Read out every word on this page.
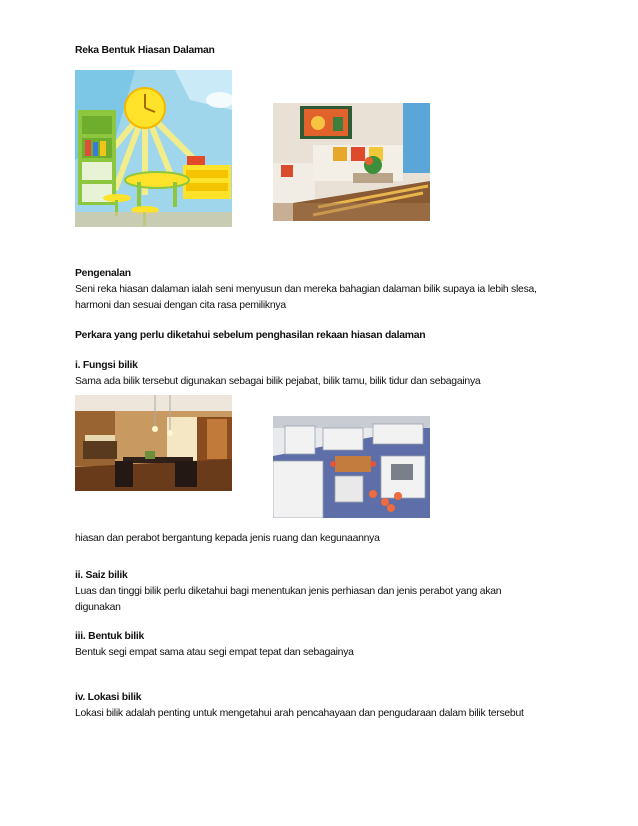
Reka Bentuk Hiasan Dalaman
Pengenalan
Seni reka hiasan dalaman ialah seni menyusun dan mereka bahagian dalaman bilik supaya ia lebih slesa,
harmoni dan sesuai dengan cita rasa pemiliknya
Perkara yang perlu diketahui sebelum penghasilan rekaan hiasan dalaman
i. Fungsi bilik
Sama ada bilik tersebut digunakan sebagai bilik pejabat, bilik tamu, bilik tidur dan sebagainya
hiasan dan perabot bergantung kepada jenis ruang dan kegunaannya
ii. Saiz bilik
Luas dan tinggi bilik perlu diketahui bagi menentukan jenis perhiasan dan jenis perabot yang akan
digunakan
iii. Bentuk bilik
Bentuk segi empat sama atau segi empat tepat dan sebagainya
iv. Lokasi bilik
Lokasi bilik adalah penting untuk mengetahui arah pencahayaan dan pengudaraan dalam bilik tersebut
